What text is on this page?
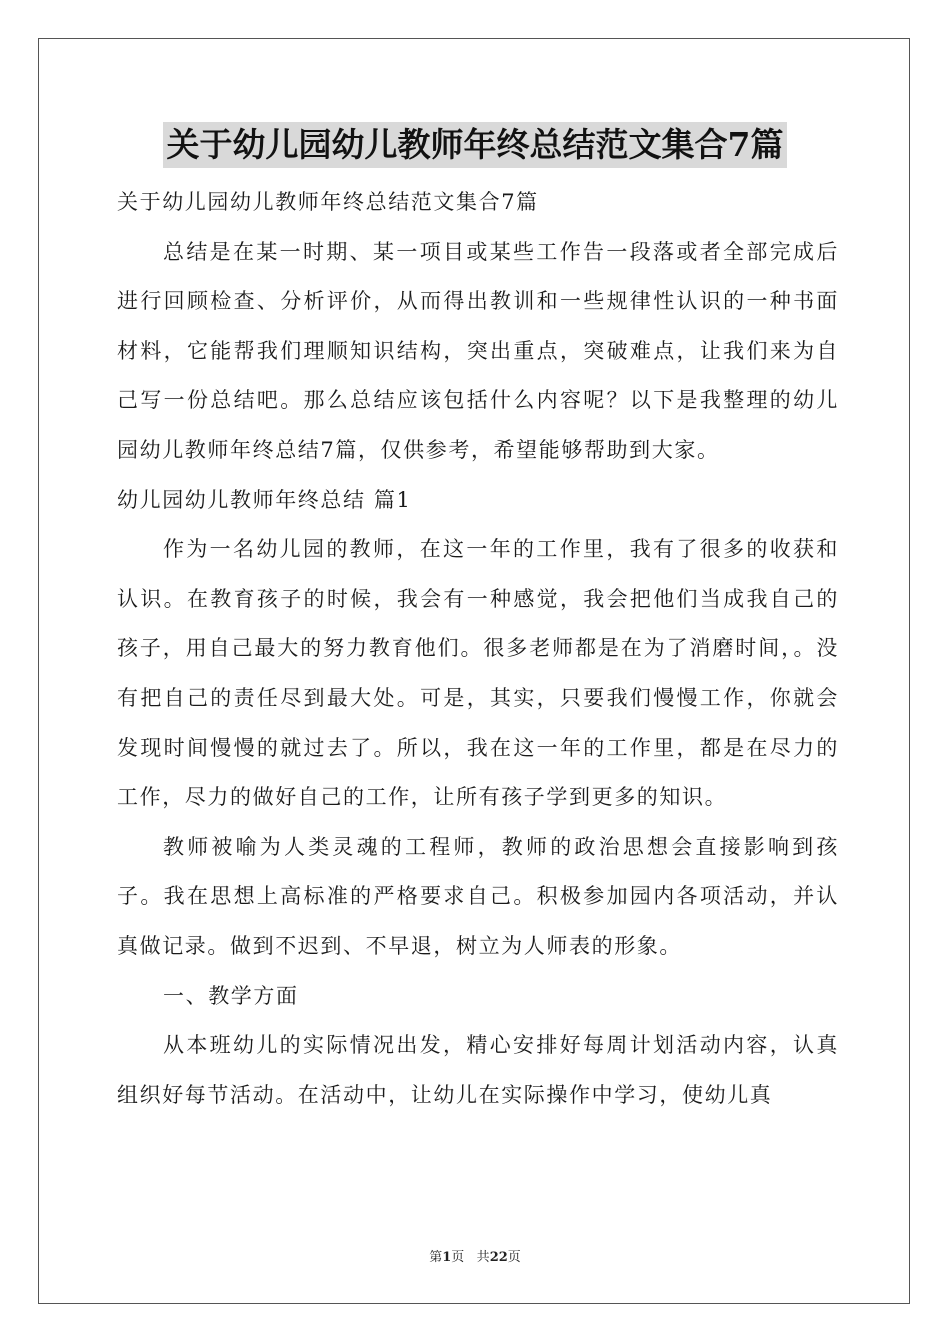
关于幼儿园幼儿教师年终总结范文集合7篇

关于幼儿园幼儿教师年终总结范文集合7篇

总结是在某一时期、某一项目或某些工作告一段落或者全部完成后进行回顾检查、分析评价，从而得出教训和一些规律性认识的一种书面材料，它能帮我们理顺知识结构，突出重点，突破难点，让我们来为自己写一份总结吧。那么总结应该包括什么内容呢？以下是我整理的幼儿园幼儿教师年终总结7篇，仅供参考，希望能够帮助到大家。

幼儿园幼儿教师年终总结 篇1

作为一名幼儿园的教师，在这一年的工作里，我有了很多的收获和认识。在教育孩子的时候，我会有一种感觉，我会把他们当成我自己的孩子，用自己最大的努力教育他们。很多老师都是在为了消磨时间，。没有把自己的责任尽到最大处。可是，其实，只要我们慢慢工作，你就会发现时间慢慢的就过去了。所以，我在这一年的工作里，都是在尽力的工作，尽力的做好自己的工作，让所有孩子学到更多的知识。

教师被喻为人类灵魂的工程师，教师的政治思想会直接影响到孩子。我在思想上高标准的严格要求自己。积极参加园内各项活动，并认真做记录。做到不迟到、不早退，树立为人师表的形象。

一、教学方面

从本班幼儿的实际情况出发，精心安排好每周计划活动内容，认真组织好每节活动。在活动中，让幼儿在实际操作中学习，使幼儿真

第1页 共22页
